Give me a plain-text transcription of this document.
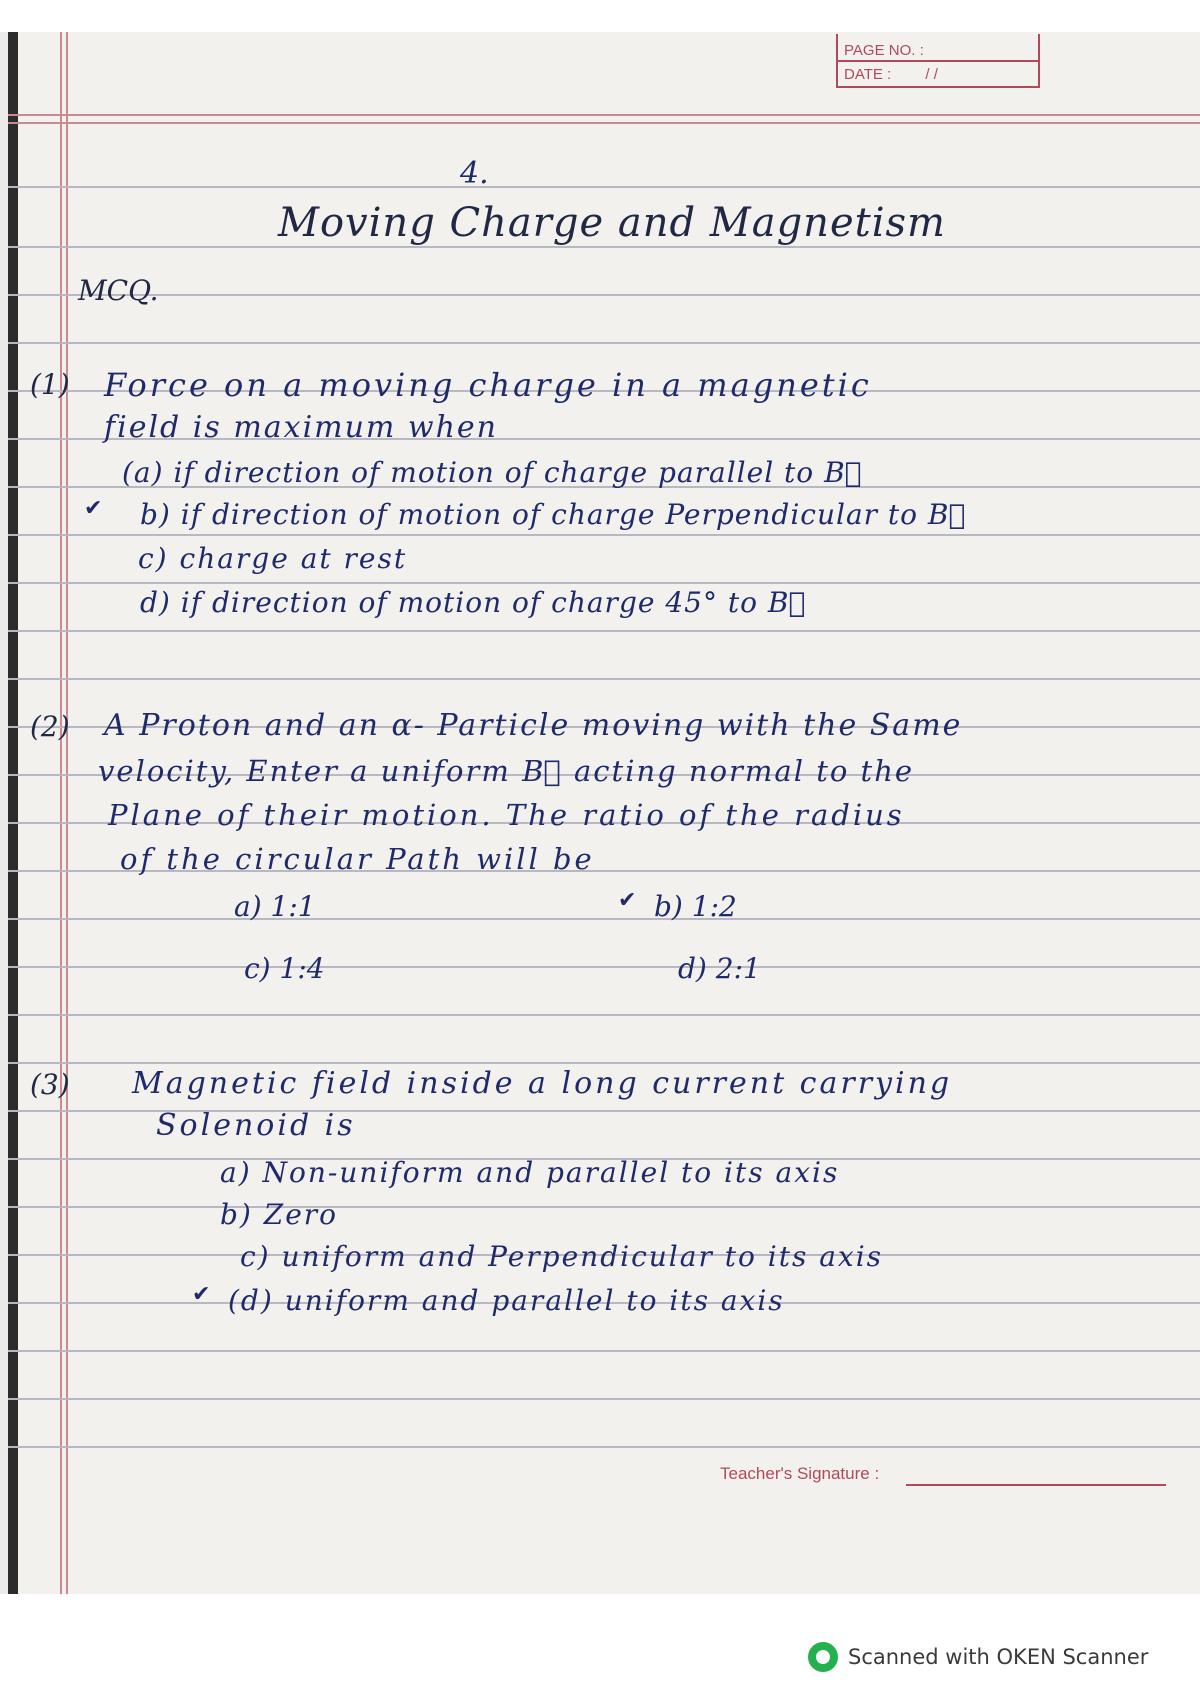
PAGE NO. :
DATE : / /
4.
Moving Charge and Magnetism
MCQ.
(1) Force on a moving charge in a magnetic
field is maximum when
(a) if direction of motion of charge parallel to B⃗
✔ b) if direction of motion of charge Perpendicular to B⃗
c) charge at rest
d) if direction of motion of charge 45° to B⃗
(2) A Proton and an α- Particle moving with the Same
velocity, Enter a uniform B⃗ acting normal to the
Plane of their motion. The ratio of the radius
of the circular Path will be
a) 1:1	✔ b) 1:2
c) 1:4	d) 2:1
(3) Magnetic field inside a long current carrying
Solenoid is
a) Non-uniform and parallel to its axis
b) Zero
c) uniform and Perpendicular to its axis
✔ (d) uniform and parallel to its axis
Teacher's Signature :
Scanned with OKEN Scanner
